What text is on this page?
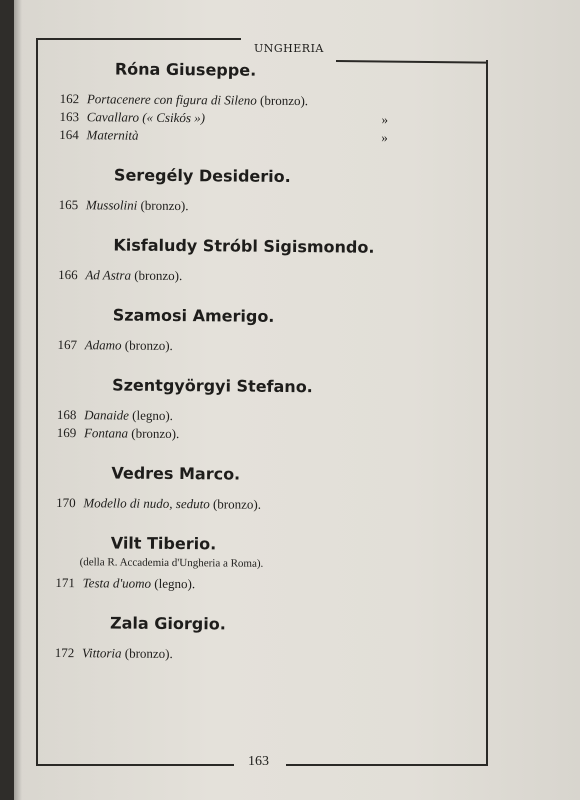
UNGHERIA
Róna Giuseppe.
162 Portacenere con figura di Sileno (bronzo).
163 Cavallaro (« Csikós »)	»
164 Maternità	»
Seregély Desiderio.
165 Mussolini (bronzo).
Kisfaludy Stróbl Sigismondo.
166 Ad Astra (bronzo).
Szamosi Amerigo.
167 Adamo (bronzo).
Szentgyörgyi Stefano.
168 Danaide (legno).
169 Fontana (bronzo).
Vedres Marco.
170 Modello di nudo, seduto (bronzo).
Vilt Tiberio.
(della R. Accademia d'Ungheria a Roma).
171 Testa d'uomo (legno).
Zala Giorgio.
172 Vittoria (bronzo).
163
